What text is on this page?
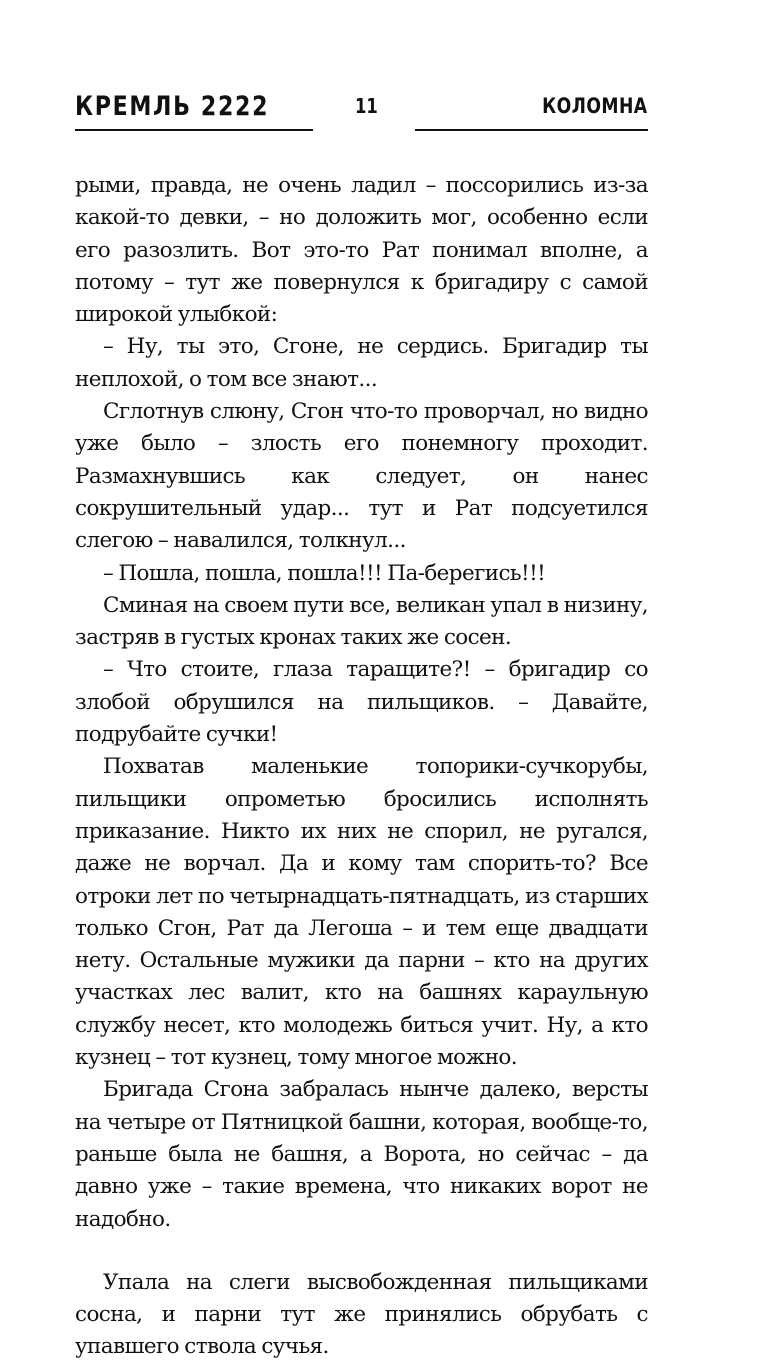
КРЕМЛЬ 2222	11	КОЛОМНА

рыми, правда, не очень ладил – поссорились из-за какой-то девки, – но доложить мог, особенно если его разозлить. Вот это-то Рат понимал вполне, а потому – тут же повернулся к бригадиру с самой широкой улыбкой:

– Ну, ты это, Сгоне, не сердись. Бригадир ты неплохой, о том все знают...

Сглотнув слюну, Сгон что-то проворчал, но видно уже было – злость его понемногу проходит. Размахнувшись как следует, он нанес сокрушительный удар... тут и Рат подсуетился слегою – навалился, толкнул...

– Пошла, пошла, пошла!!! Па-берегись!!!

Сминая на своем пути все, великан упал в низину, застряв в густых кронах таких же сосен.

– Что стоите, глаза таращите?! – бригадир со злобой обрушился на пильщиков. – Давайте, подрубайте сучки!

Похватав маленькие топорики-сучкорубы, пильщики опрометью бросились исполнять приказание. Никто их них не спорил, не ругался, даже не ворчал. Да и кому там спорить-то? Все отроки лет по четырнадцать-пятнадцать, из старших только Сгон, Рат да Легоша – и тем еще двадцати нету. Остальные мужики да парни – кто на других участках лес валит, кто на башнях караульную службу несет, кто молодежь биться учит. Ну, а кто кузнец – тот кузнец, тому многое можно.

Бригада Сгона забралась нынче далеко, версты на четыре от Пятницкой башни, которая, вообще-то, раньше была не башня, а Ворота, но сейчас – да давно уже – такие времена, что никаких ворот не надобно.

Упала на слеги высвобожденная пильщиками сосна, и парни тут же принялись обрубать с упавшего ствола сучья.
